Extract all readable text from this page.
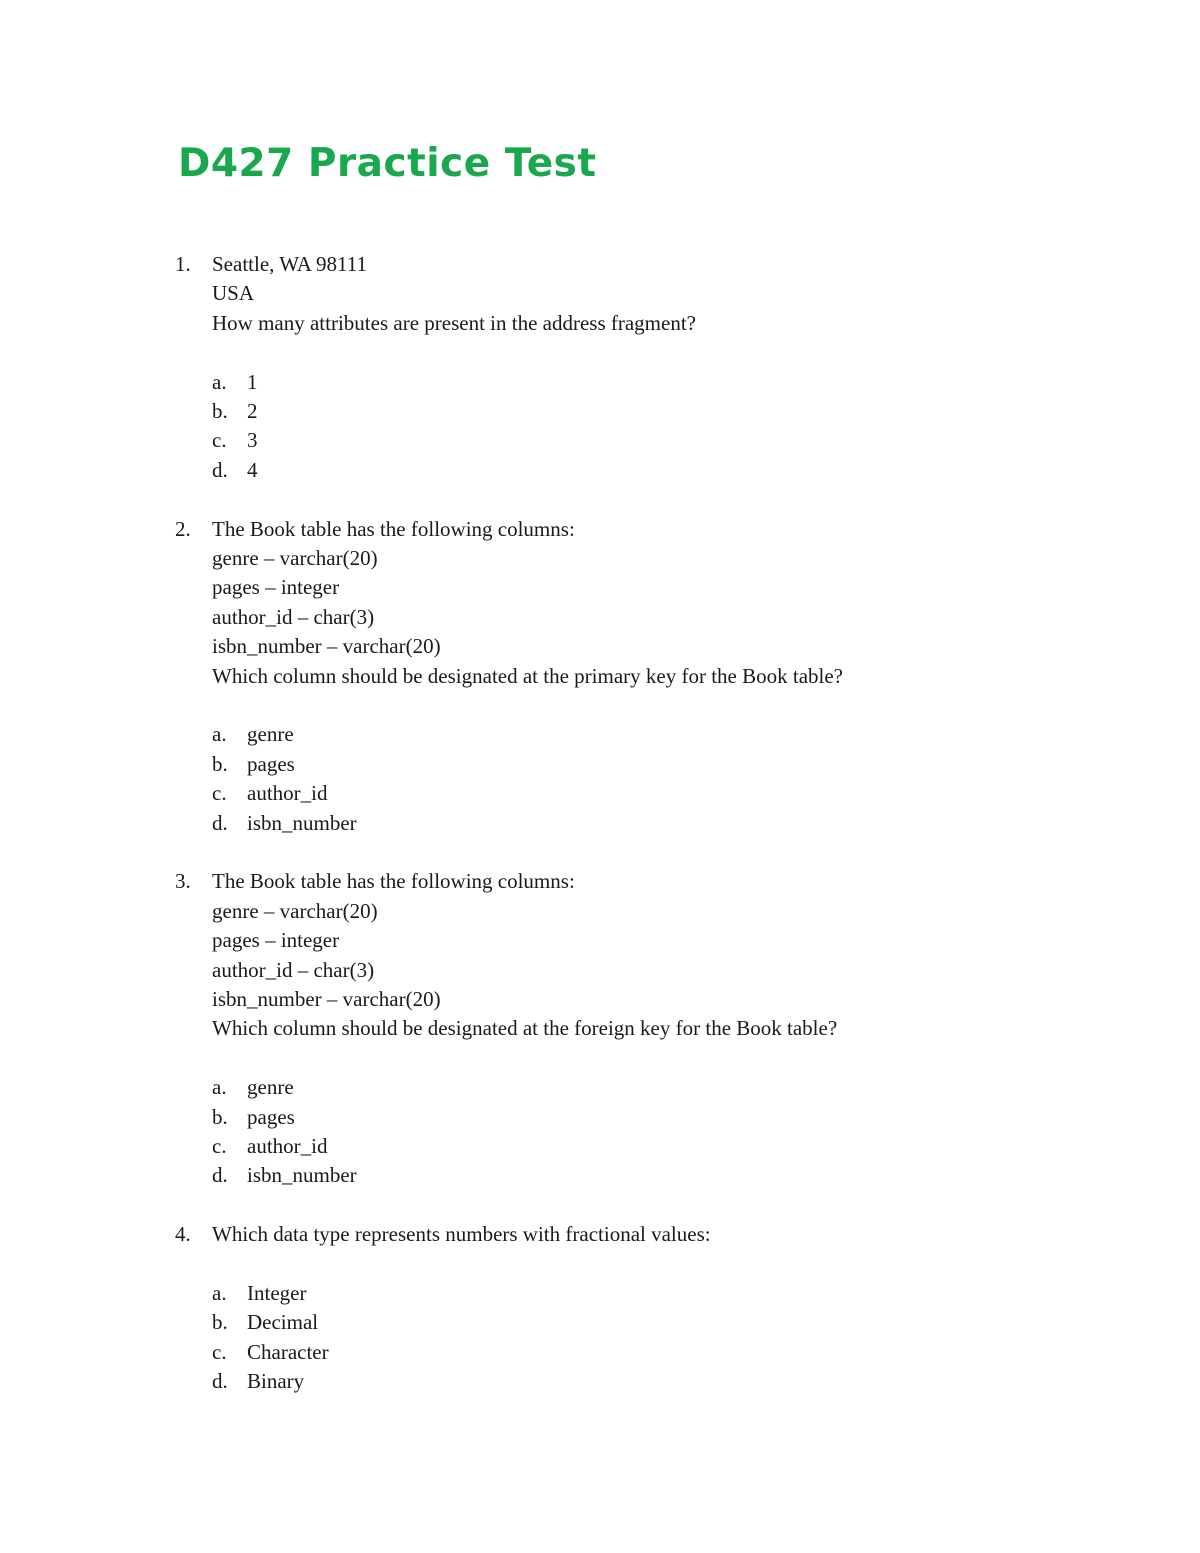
D427 Practice Test
1.	Seattle, WA 98111
USA
How many attributes are present in the address fragment?
a. 1
b. 2
c. 3
d. 4
2.	The Book table has the following columns:
genre – varchar(20)
pages – integer
author_id – char(3)
isbn_number – varchar(20)
Which column should be designated at the primary key for the Book table?
a. genre
b. pages
c. author_id
d. isbn_number
3.	The Book table has the following columns:
genre – varchar(20)
pages – integer
author_id – char(3)
isbn_number – varchar(20)
Which column should be designated at the foreign key for the Book table?
a. genre
b. pages
c. author_id
d. isbn_number
4.	Which data type represents numbers with fractional values:
a. Integer
b. Decimal
c. Character
d. Binary
